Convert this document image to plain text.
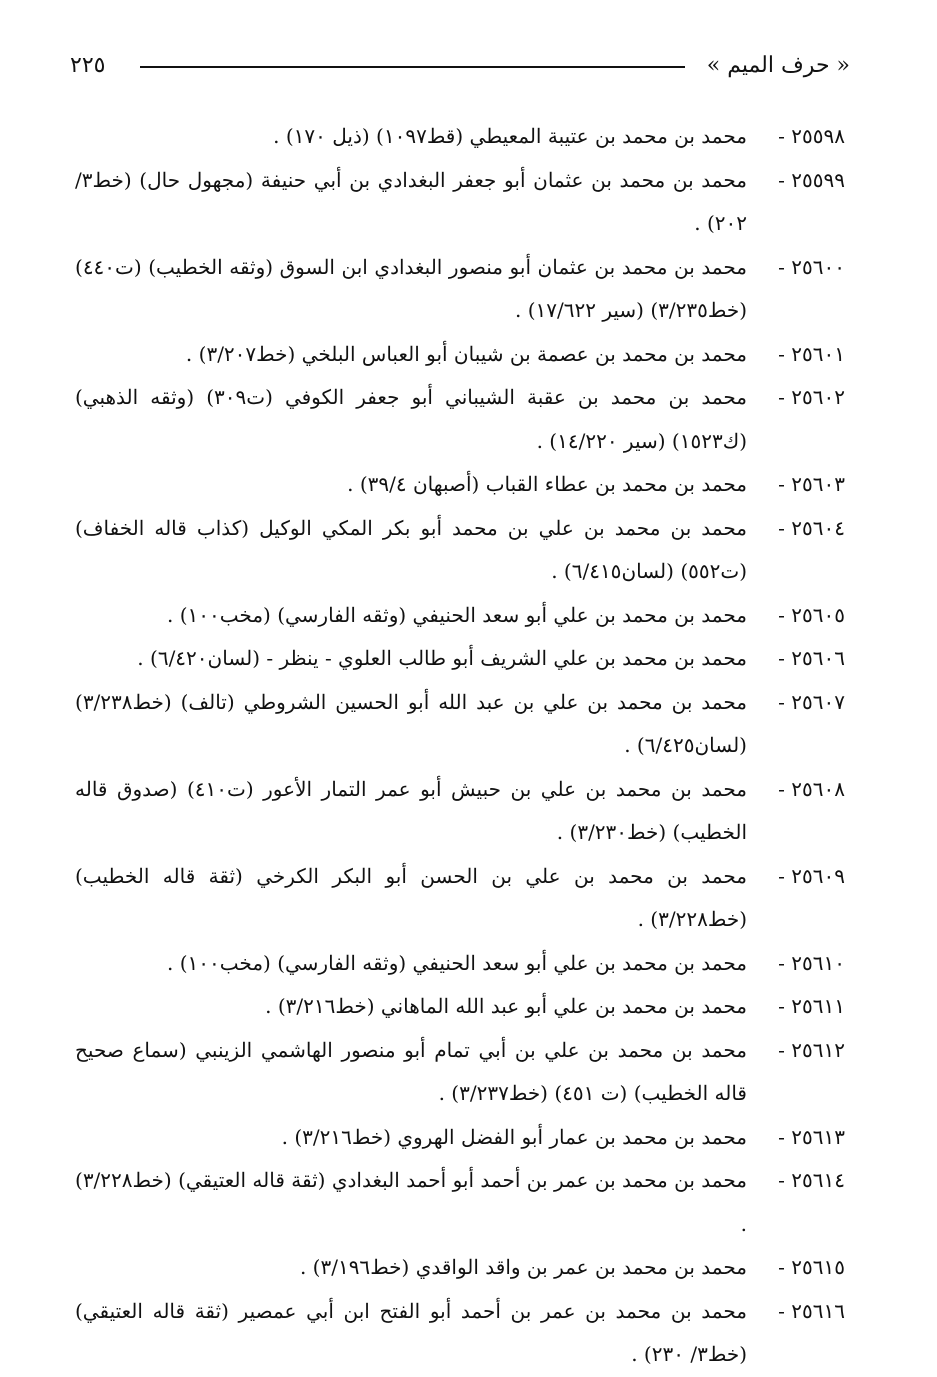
« حرف الميم »
٢٢٥
٢٥٥٩٨ -
محمد بن محمد بن عتيبة المعيطي (قط١٠٩٧) (ذيل ١٧٠) .
٢٥٥٩٩ -
محمد بن محمد بن عثمان أبو جعفر البغدادي بن أبي حنيفة (مجهول حال) (خط٣/ ٢٠٢) .
٢٥٦٠٠ -
محمد بن محمد بن عثمان أبو منصور البغدادي ابن السوق (وثقه الخطيب) (ت٤٤٠) (خط٣/٢٣٥) (سير ١٧/٦٢٢) .
٢٥٦٠١ -
محمد بن محمد بن عصمة بن شيبان أبو العباس البلخي (خط٣/٢٠٧) .
٢٥٦٠٢ -
محمد بن محمد بن عقبة الشيباني أبو جعفر الكوفي (ت٣٠٩) (وثقه الذهبي) (ك١٥٢٣) (سير ١٤/٢٢٠) .
٢٥٦٠٣ -
محمد بن محمد بن عطاء القباب (أصبهان ٣٩/٤) .
٢٥٦٠٤ -
محمد بن محمد بن علي بن محمد أبو بكر المكي الوكيل (كذاب قاله الخفاف) (ت٥٥٢) (لسان٦/٤١٥) .
٢٥٦٠٥ -
محمد بن محمد بن علي أبو سعد الحنيفي (وثقه الفارسي) (مخب١٠٠) .
٢٥٦٠٦ -
محمد بن محمد بن علي الشريف أبو طالب العلوي - ينظر - (لسان٦/٤٢٠) .
٢٥٦٠٧ -
محمد بن محمد بن علي بن عبد الله أبو الحسين الشروطي (تالف) (خط٣/٢٣٨) (لسان٦/٤٢٥) .
٢٥٦٠٨ -
محمد بن محمد بن علي بن حبيش أبو عمر التمار الأعور (ت٤١٠) (صدوق قاله الخطيب) (خط٣/٢٣٠) .
٢٥٦٠٩ -
محمد بن محمد بن علي بن الحسن أبو البكر الكرخي (ثقة قاله الخطيب) (خط٣/٢٢٨) .
٢٥٦١٠ -
محمد بن محمد بن علي أبو سعد الحنيفي (وثقه الفارسي) (مخب١٠٠) .
٢٥٦١١ -
محمد بن محمد بن علي أبو عبد الله الماهاني (خط٣/٢١٦) .
٢٥٦١٢ -
محمد بن محمد بن علي بن أبي تمام أبو منصور الهاشمي الزينبي (سماع صحيح قاله الخطيب) (ت ٤٥١) (خط٣/٢٣٧) .
٢٥٦١٣ -
محمد بن محمد بن عمار أبو الفضل الهروي (خط٣/٢١٦) .
٢٥٦١٤ -
محمد بن محمد بن عمر بن أحمد أبو أحمد البغدادي (ثقة قاله العتيقي) (خط٣/٢٢٨) .
٢٥٦١٥ -
محمد بن محمد بن عمر بن واقد الواقدي (خط٣/١٩٦) .
٢٥٦١٦ -
محمد بن محمد بن عمر بن أحمد أبو الفتح ابن أبي عمصير (ثقة قاله العتيقي) (خط٣/ ٢٣٠) .
